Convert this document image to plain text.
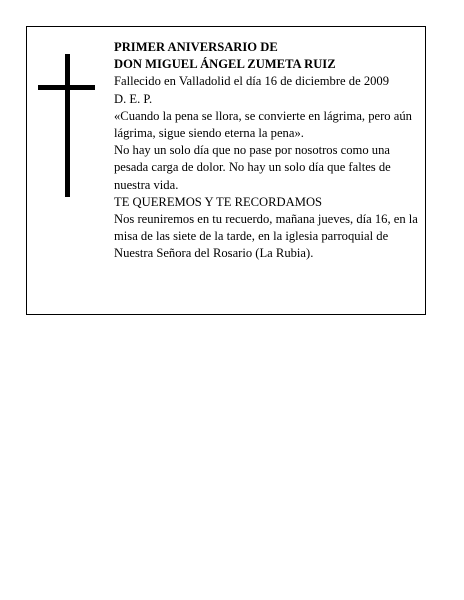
PRIMER ANIVERSARIO DE
DON MIGUEL ÁNGEL ZUMETA RUIZ
Fallecido en Valladolid el día 16 de diciembre de 2009
D. E. P.
«Cuando la pena se llora, se convierte en lágrima, pero aún lágrima, sigue siendo eterna la pena».
No hay un solo día que no pase por nosotros como una pesada carga de dolor. No hay un solo día que faltes de nuestra vida.
TE QUEREMOS Y TE RECORDAMOS
Nos reuniremos en tu recuerdo, mañana jueves, día 16, en la misa de las siete de la tarde, en la iglesia parroquial de Nuestra Señora del Rosario (La Rubia).
